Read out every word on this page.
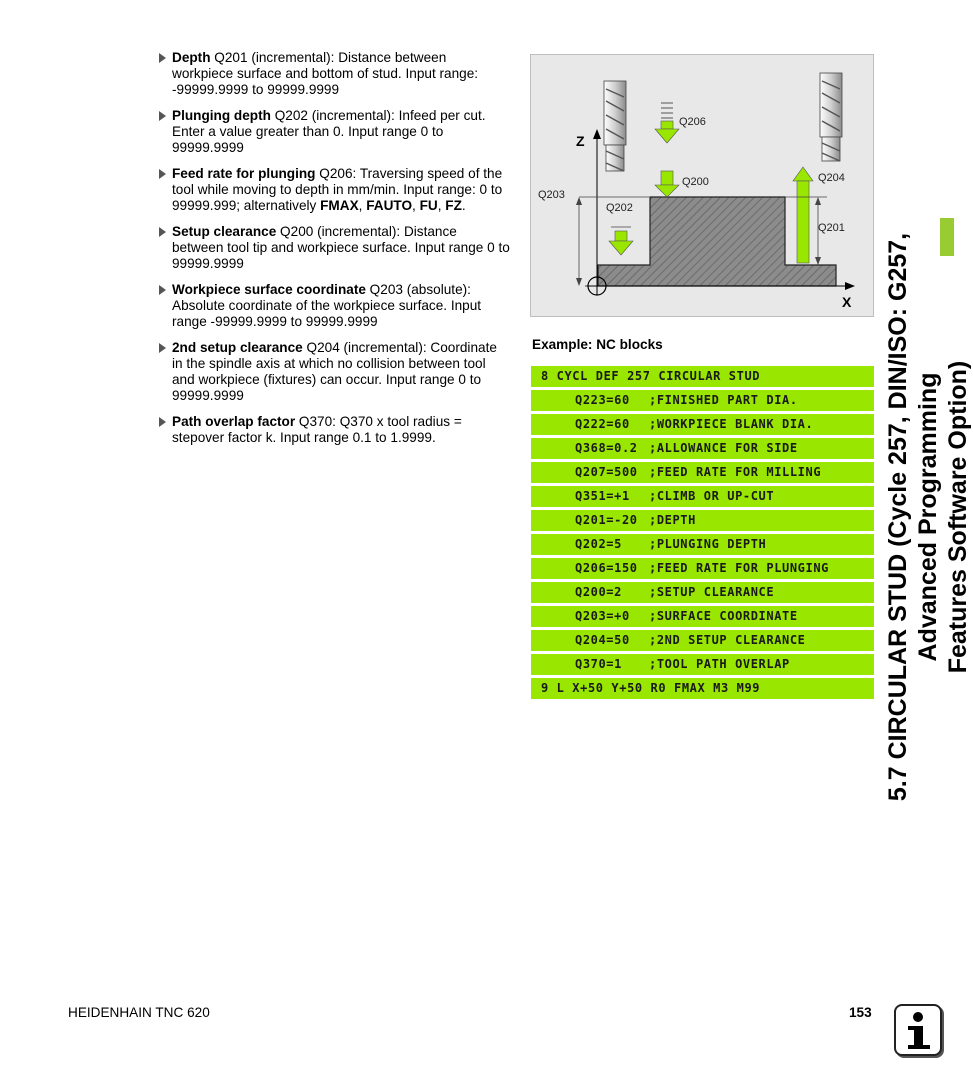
Depth Q201 (incremental): Distance between workpiece surface and bottom of stud. Input range: -99999.9999 to 99999.9999
Plunging depth Q202 (incremental): Infeed per cut. Enter a value greater than 0. Input range 0 to 99999.9999
Feed rate for plunging Q206: Traversing speed of the tool while moving to depth in mm/min. Input range: 0 to 99999.999; alternatively FMAX, FAUTO, FU, FZ.
Setup clearance Q200 (incremental): Distance between tool tip and workpiece surface. Input range 0 to 99999.9999
Workpiece surface coordinate Q203 (absolute): Absolute coordinate of the workpiece surface. Input range -99999.9999 to 99999.9999
2nd setup clearance Q204 (incremental): Coordinate in the spindle axis at which no collision between tool and workpiece (fixtures) can occur. Input range 0 to 99999.9999
Path overlap factor Q370: Q370 x tool radius = stepover factor k. Input range 0.1 to 1.9999.
Q206
Q200	Q204
Q203
Q202
Q201
Z
X
Example: NC blocks
8 CYCL DEF 257 CIRCULAR STUD
Q223=60 ;FINISHED PART DIA.
Q222=60 ;WORKPIECE BLANK DIA.
Q368=0.2 ;ALLOWANCE FOR SIDE
Q207=500 ;FEED RATE FOR MILLING
Q351=+1 ;CLIMB OR UP-CUT
Q201=-20 ;DEPTH
Q202=5 ;PLUNGING DEPTH
Q206=150 ;FEED RATE FOR PLUNGING
Q200=2 ;SETUP CLEARANCE
Q203=+0 ;SURFACE COORDINATE
Q204=50 ;2ND SETUP CLEARANCE
Q370=1 ;TOOL PATH OVERLAP
9 L X+50 Y+50 R0 FMAX M3 M99	5.7 CIRCULAR STUD (Cycle 257, DIN/ISO: G257, Advanced Programming Features Software Option)
HEIDENHAIN TNC 620	153
